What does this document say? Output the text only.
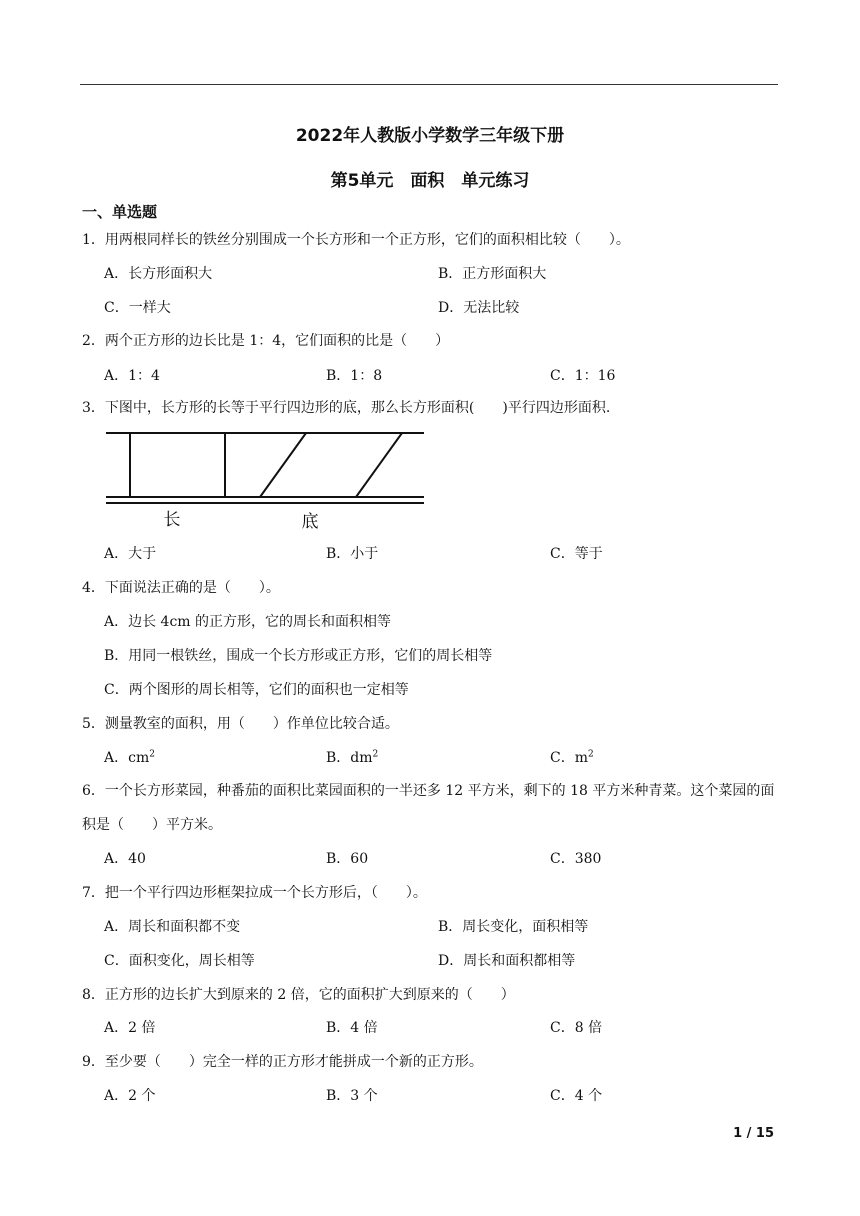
2022年人教版小学数学三年级下册
第5单元　面积　单元练习
一、单选题
1．用两根同样长的铁丝分别围成一个长方形和一个正方形，它们的面积相比较（　　）。
A．长方形面积大	B．正方形面积大
C．一样大	D．无法比较
2．两个正方形的边长比是 1：4，它们面积的比是（　　）
A．1：4	B．1：8	C．1：16
3．下图中，长方形的长等于平行四边形的底，那么长方形面积(　　)平行四边形面积.
长	底
A．大于	B．小于	C．等于
4．下面说法正确的是（　　）。
A．边长 4cm 的正方形，它的周长和面积相等
B．用同一根铁丝，围成一个长方形或正方形，它们的周长相等
C．两个图形的周长相等，它们的面积也一定相等
5．测量教室的面积，用（　　）作单位比较合适。
A．$cm^2$	B．$dm^2$	C．$m^2$
6．一个长方形菜园，种番茄的面积比菜园面积的一半还多 12 平方米，剩下的 18 平方米种青菜。这个菜园的面积是（　　）平方米。
A．40	B．60	C．380
7．把一个平行四边形框架拉成一个长方形后，（　　）。
A．周长和面积都不变	B．周长变化，面积相等
C．面积变化，周长相等	D．周长和面积都相等
8．正方形的边长扩大到原来的 2 倍，它的面积扩大到原来的（　　）
A．2 倍	B．4 倍	C．8 倍
9．至少要（　　）完全一样的正方形才能拼成一个新的正方形。
A．2 个	B．3 个	C．4 个
1 / 15
